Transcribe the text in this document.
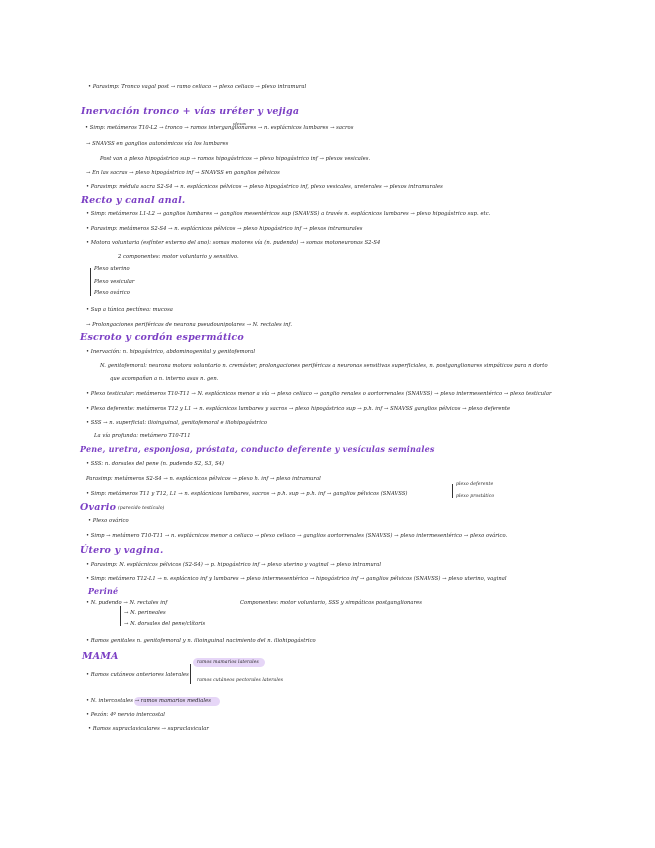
• Parasimp: Tronco vagal post → ramo celiaco → plexo celiaco → plexo intramural
Inervación tronco + vías uréter y vejiga
plexos
• Simp: metámeros T10-L2 → tronco → ramos interganglionares → n. esplácnicos lumbares → sacros
→ SNAVSS en ganglios autonómicos vía los lumbares
Post van a plexo hipogástrico sup → ramos hipogástricos → plexo hipogástrico inf → plexos vesicales.
→ En las sacras → plexo hipogástrico inf → SNAVSS en ganglios pélvicos
• Parasimp: médula sacra S2-S4 → n. esplácnicos pélvicos → plexo hipogástrico inf, plexo vesicales, ureterales → plexos intramurales
Recto y canal anal.
• Simp: metámeros L1-L2 → ganglios lumbares → ganglios mesentéricos sup (SNAVSS) a través n. esplácnicos lumbares → plexo hipogástrico sup. etc.
• Parasimp: metámeros S2-S4 → n. esplácnicos pélvicos → plexo hipogástrico inf → plexos intramurales
• Motora voluntaria (esfínter externo del ano): somas motores vía (n. pudendo) → somas motoneuronas S2-S4
2 componentes: motor voluntario y sensitivo.
Plexo uterino
Plexo vesicular
Plexo ovárico
• Sup a túnica pectínea: mucosa
→ Prolongaciones periféricas de neurona pseudounipolares → N. rectales inf.
Escroto y cordón espermático
• Inervación: n. hipogástrico, abdominogenital y genitofemoral
N. genitofemoral: neurona motora voluntario n. cremáster, prolongaciones periféricas a neuronas sensitivas superficiales, n. postganglionares simpáticos para n dorto
que acompañan a n. interno asas n. gen.
• Plexo testicular: metámeros T10-T11 → N. esplácnicos menor a vía → plexo celiaco → ganglio renales o aortorrenales (SNAVSS) → plexo intermesentérico → plexo testicular
• Plexo deferente: metámeros T12 y L1 → n. esplácnicos lumbares y sacros → plexo hipogástrico sup → p.h. inf → SNAVSS ganglios pélvicos → plexo deferente
• SSS → n. superficial: ilioinguinal, genitofemoral e iliohipogástrico
La vía profunda: metámero T10-T11
Pene, uretra, esponjosa, próstata, conducto deferente y vesículas seminales
• SSS: n. dorsales del pene (n. pudendo S2, S3, S4)
Parasimp: metámeros S2-S4 → n. esplácnicos pélvicos → plexo h. inf → plexo intramural
• Simp: metámeros T11 y T12, L1 → n. esplácnicos lumbares, sacros → p.h. sup → p.h. inf → ganglios pélvicos (SNAVSS)
plexo deferente
plexo prostático
Ovario (parecido testículo)
• Plexo ovárico
• Simp → metámero T10-T11 → n. esplácnicos menor a celiaco → plexo celiaco → ganglios aortorrenales (SNAVSS) → plexo intermesentérico → plexo ovárico.
Útero y vagina.
• Parasimp: N. esplácnicos pélvicos (S2-S4) → p. hipogástrico inf → plexo uterino y vaginal → plexo intramural
• Simp: metámero T12-L1 → n. esplácnico inf y lumbares → plexo intermesentérico → hipogástrico inf → ganglios pélvicos (SNAVSS) → plexo uterino, vaginal
Periné
• N. pudendo → N. rectales inf	Componentes: motor voluntario, SSS y simpáticos postganglionares
→ N. perineales
→ N. dorsales del pene/clítoris
• Ramos genitales n. genitofemoral y n. ilioinguinal nacimiento del n. iliohipogástrico
MAMA
• Ramos cutáneos anteriores laterales
ramos mamarios laterales
ramos cutáneos pectorales laterales
• N. intercostales → ramos mamarios mediales
• Pezón: 4º nervio intercostal
• Ramos supraclaviculares → supraclavicular
